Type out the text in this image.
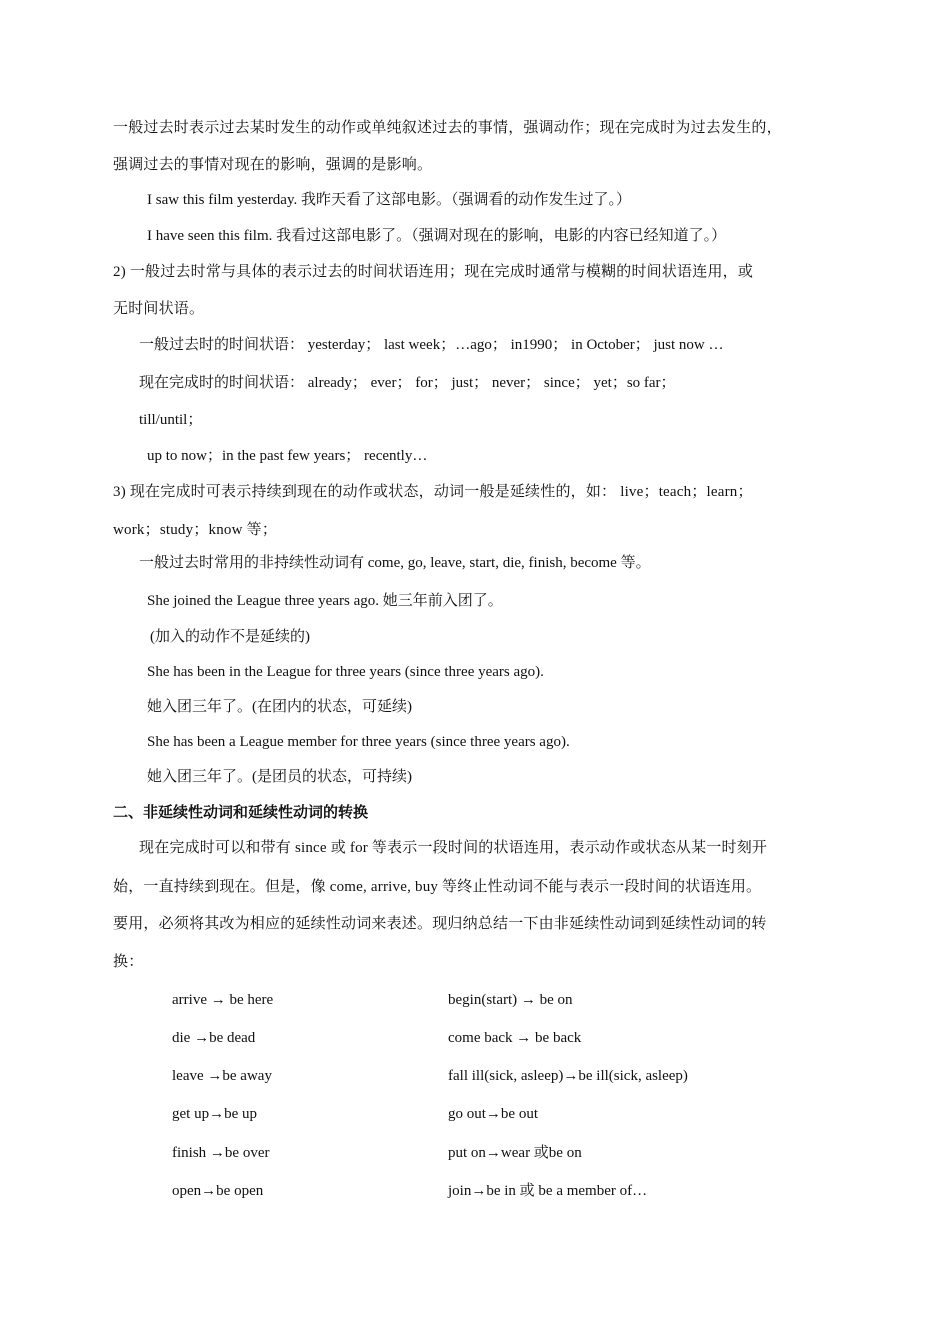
一般过去时表示过去某时发生的动作或单纯叙述过去的事情，强调动作；现在完成时为过去发生的，
强调过去的事情对现在的影响，强调的是影响。
I saw this film yesterday. 我昨天看了这部电影。（强调看的动作发生过了。）
I have seen this film. 我看过这部电影了。（强调对现在的影响，电影的内容已经知道了。）
2) 一般过去时常与具体的表示过去的时间状语连用；现在完成时通常与模糊的时间状语连用，或
无时间状语。
一般过去时的时间状语： yesterday； last week；…ago； in1990； in October； just now …
现在完成时的时间状语： already； ever； for； just； never； since； yet；so far；
till/until；
up to now；in the past few years； recently…
3) 现在完成时可表示持续到现在的动作或状态，动词一般是延续性的，如： live；teach；learn；
work；study；know 等；
一般过去时常用的非持续性动词有 come, go, leave, start, die, finish, become 等。
She joined the League three years ago. 她三年前入团了。
(加入的动作不是延续的)
She has been in the League for three years (since three years ago).
她入团三年了。(在团内的状态，可延续)
She has been a League member for three years (since three years ago).
她入团三年了。(是团员的状态，可持续)
二、非延续性动词和延续性动词的转换
现在完成时可以和带有 since 或 for 等表示一段时间的状语连用，表示动作或状态从某一时刻开
始，一直持续到现在。但是，像 come, arrive, buy 等终止性动词不能与表示一段时间的状语连用。
要用，必须将其改为相应的延续性动词来表述。现归纳总结一下由非延续性动词到延续性动词的转
换：
arrive → be here	begin(start) → be on
die →be dead	come back → be back
leave →be away	fall ill(sick, asleep)→be ill(sick, asleep)
get up→be up	go out→be out
finish →be over	put on→wear 或be on
open→be open	join→be in 或 be a member of…
